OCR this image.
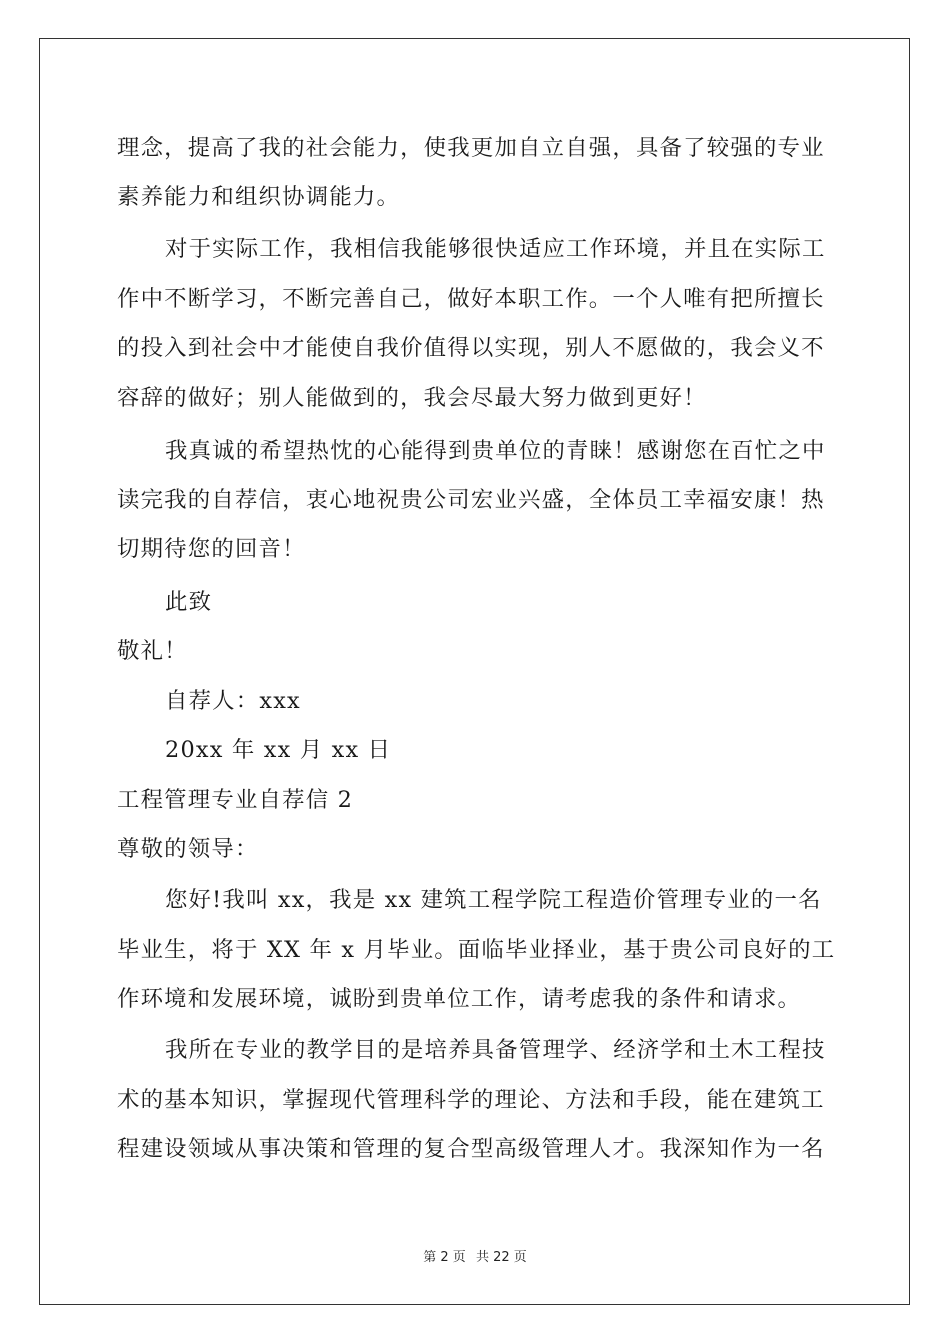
理念，提高了我的社会能力，使我更加自立自强，具备了较强的专业
素养能力和组织协调能力。
对于实际工作，我相信我能够很快适应工作环境，并且在实际工
作中不断学习，不断完善自己，做好本职工作。一个人唯有把所擅长
的投入到社会中才能使自我价值得以实现，别人不愿做的，我会义不
容辞的做好；别人能做到的，我会尽最大努力做到更好！
我真诚的希望热忱的心能得到贵单位的青睐！感谢您在百忙之中
读完我的自荐信，衷心地祝贵公司宏业兴盛，全体员工幸福安康！热
切期待您的回音！
此致
敬礼！
自荐人：xxx
20xx 年 xx 月 xx 日
工程管理专业自荐信 2
尊敬的领导：
您好!我叫 xx，我是 xx 建筑工程学院工程造价管理专业的一名
毕业生，将于 XX 年 x 月毕业。面临毕业择业，基于贵公司良好的工
作环境和发展环境，诚盼到贵单位工作，请考虑我的条件和请求。
我所在专业的教学目的是培养具备管理学、经济学和土木工程技
术的基本知识，掌握现代管理科学的理论、方法和手段，能在建筑工
程建设领域从事决策和管理的复合型高级管理人才。我深知作为一名
第 2 页 共 22 页
